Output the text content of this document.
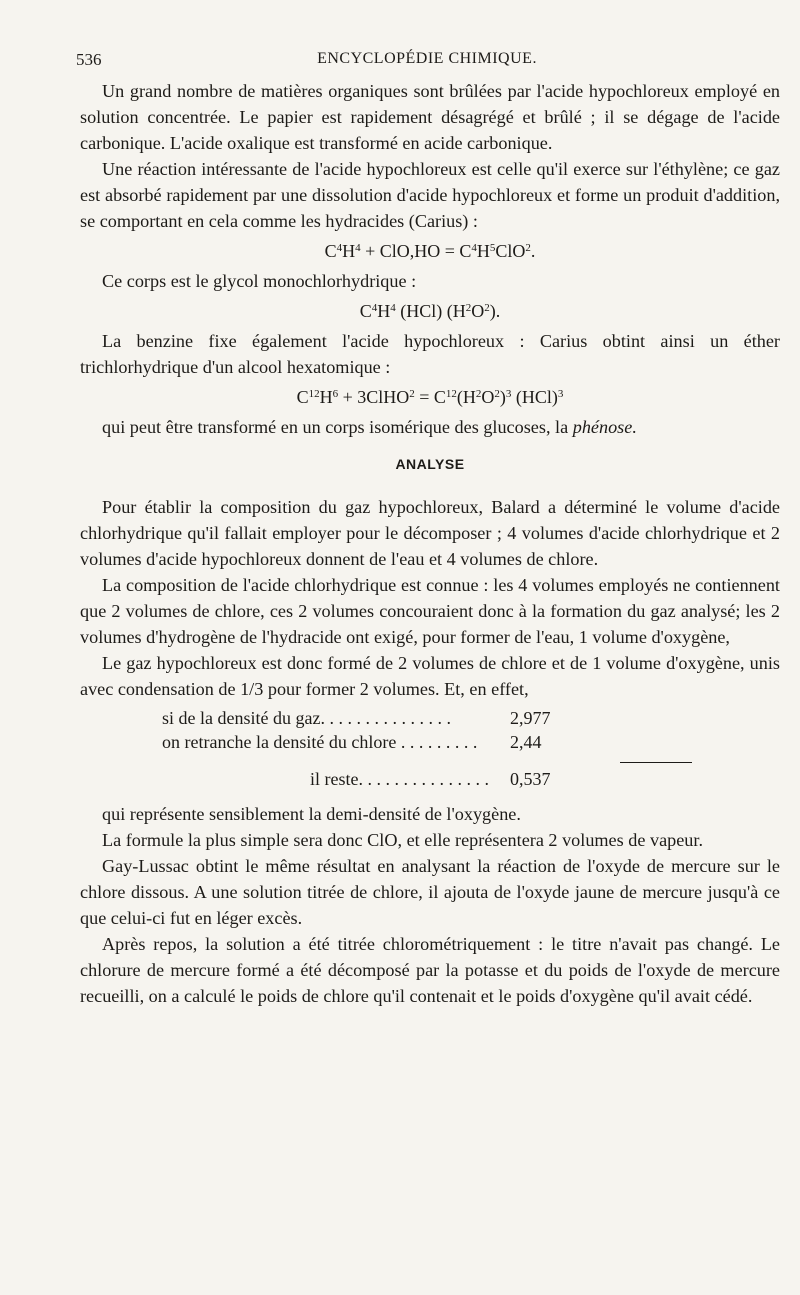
536	ENCYCLOPÉDIE CHIMIQUE.

Un grand nombre de matières organiques sont brûlées par l'acide hypochloreux employé en solution concentrée. Le papier est rapidement désagrégé et brûlé ; il se dégage de l'acide carbonique. L'acide oxalique est transformé en acide carbonique.

Une réaction intéressante de l'acide hypochloreux est celle qu'il exerce sur l'éthylène; ce gaz est absorbé rapidement par une dissolution d'acide hypochloreux et forme un produit d'addition, se comportant en cela comme les hydracides (Carius) :

$C^4H^4 + ClO,HO = C^4H^5ClO^2$.

Ce corps est le glycol monochlorhydrique :

$C^4H^4$ (HCl) $(H^2O^2)$.

La benzine fixe également l'acide hypochloreux : Carius obtint ainsi un éther trichlorhydrique d'un alcool hexatomique :

$C^{12}H^6$ + 3ClHO$^2$ = $C^{12}(H^2O^2)^3$ (HCl)$^3$

qui peut être transformé en un corps isomérique des glucoses, la phénose.

ANALYSE

Pour établir la composition du gaz hypochloreux, Balard a déterminé le volume d'acide chlorhydrique qu'il fallait employer pour le décomposer ; 4 volumes d'acide chlorhydrique et 2 volumes d'acide hypochloreux donnent de l'eau et 4 volumes de chlore.

La composition de l'acide chlorhydrique est connue : les 4 volumes employés ne contiennent que 2 volumes de chlore, ces 2 volumes concouraient donc à la formation du gaz analysé; les 2 volumes d'hydrogène de l'hydracide ont exigé, pour former de l'eau, 1 volume d'oxygène,

Le gaz hypochloreux est donc formé de 2 volumes de chlore et de 1 volume d'oxygène, unis avec condensation de 1/3 pour former 2 volumes. Et, en effet,

si de la densité du gaz. . . . . . . . . . . . . . .	2,977
on retranche la densité du chlore . . . . . . . . .	2,44
il reste. . . . . . . . . . . . . . .	0,537

qui représente sensiblement la demi-densité de l'oxygène.

La formule la plus simple sera donc ClO, et elle représentera 2 volumes de vapeur.

Gay-Lussac obtint le même résultat en analysant la réaction de l'oxyde de mercure sur le chlore dissous. A une solution titrée de chlore, il ajouta de l'oxyde jaune de mercure jusqu'à ce que celui-ci fut en léger excès.

Après repos, la solution a été titrée chlorométriquement : le titre n'avait pas changé. Le chlorure de mercure formé a été décomposé par la potasse et du poids de l'oxyde de mercure recueilli, on a calculé le poids de chlore qu'il contenait et le poids d'oxygène qu'il avait cédé.
